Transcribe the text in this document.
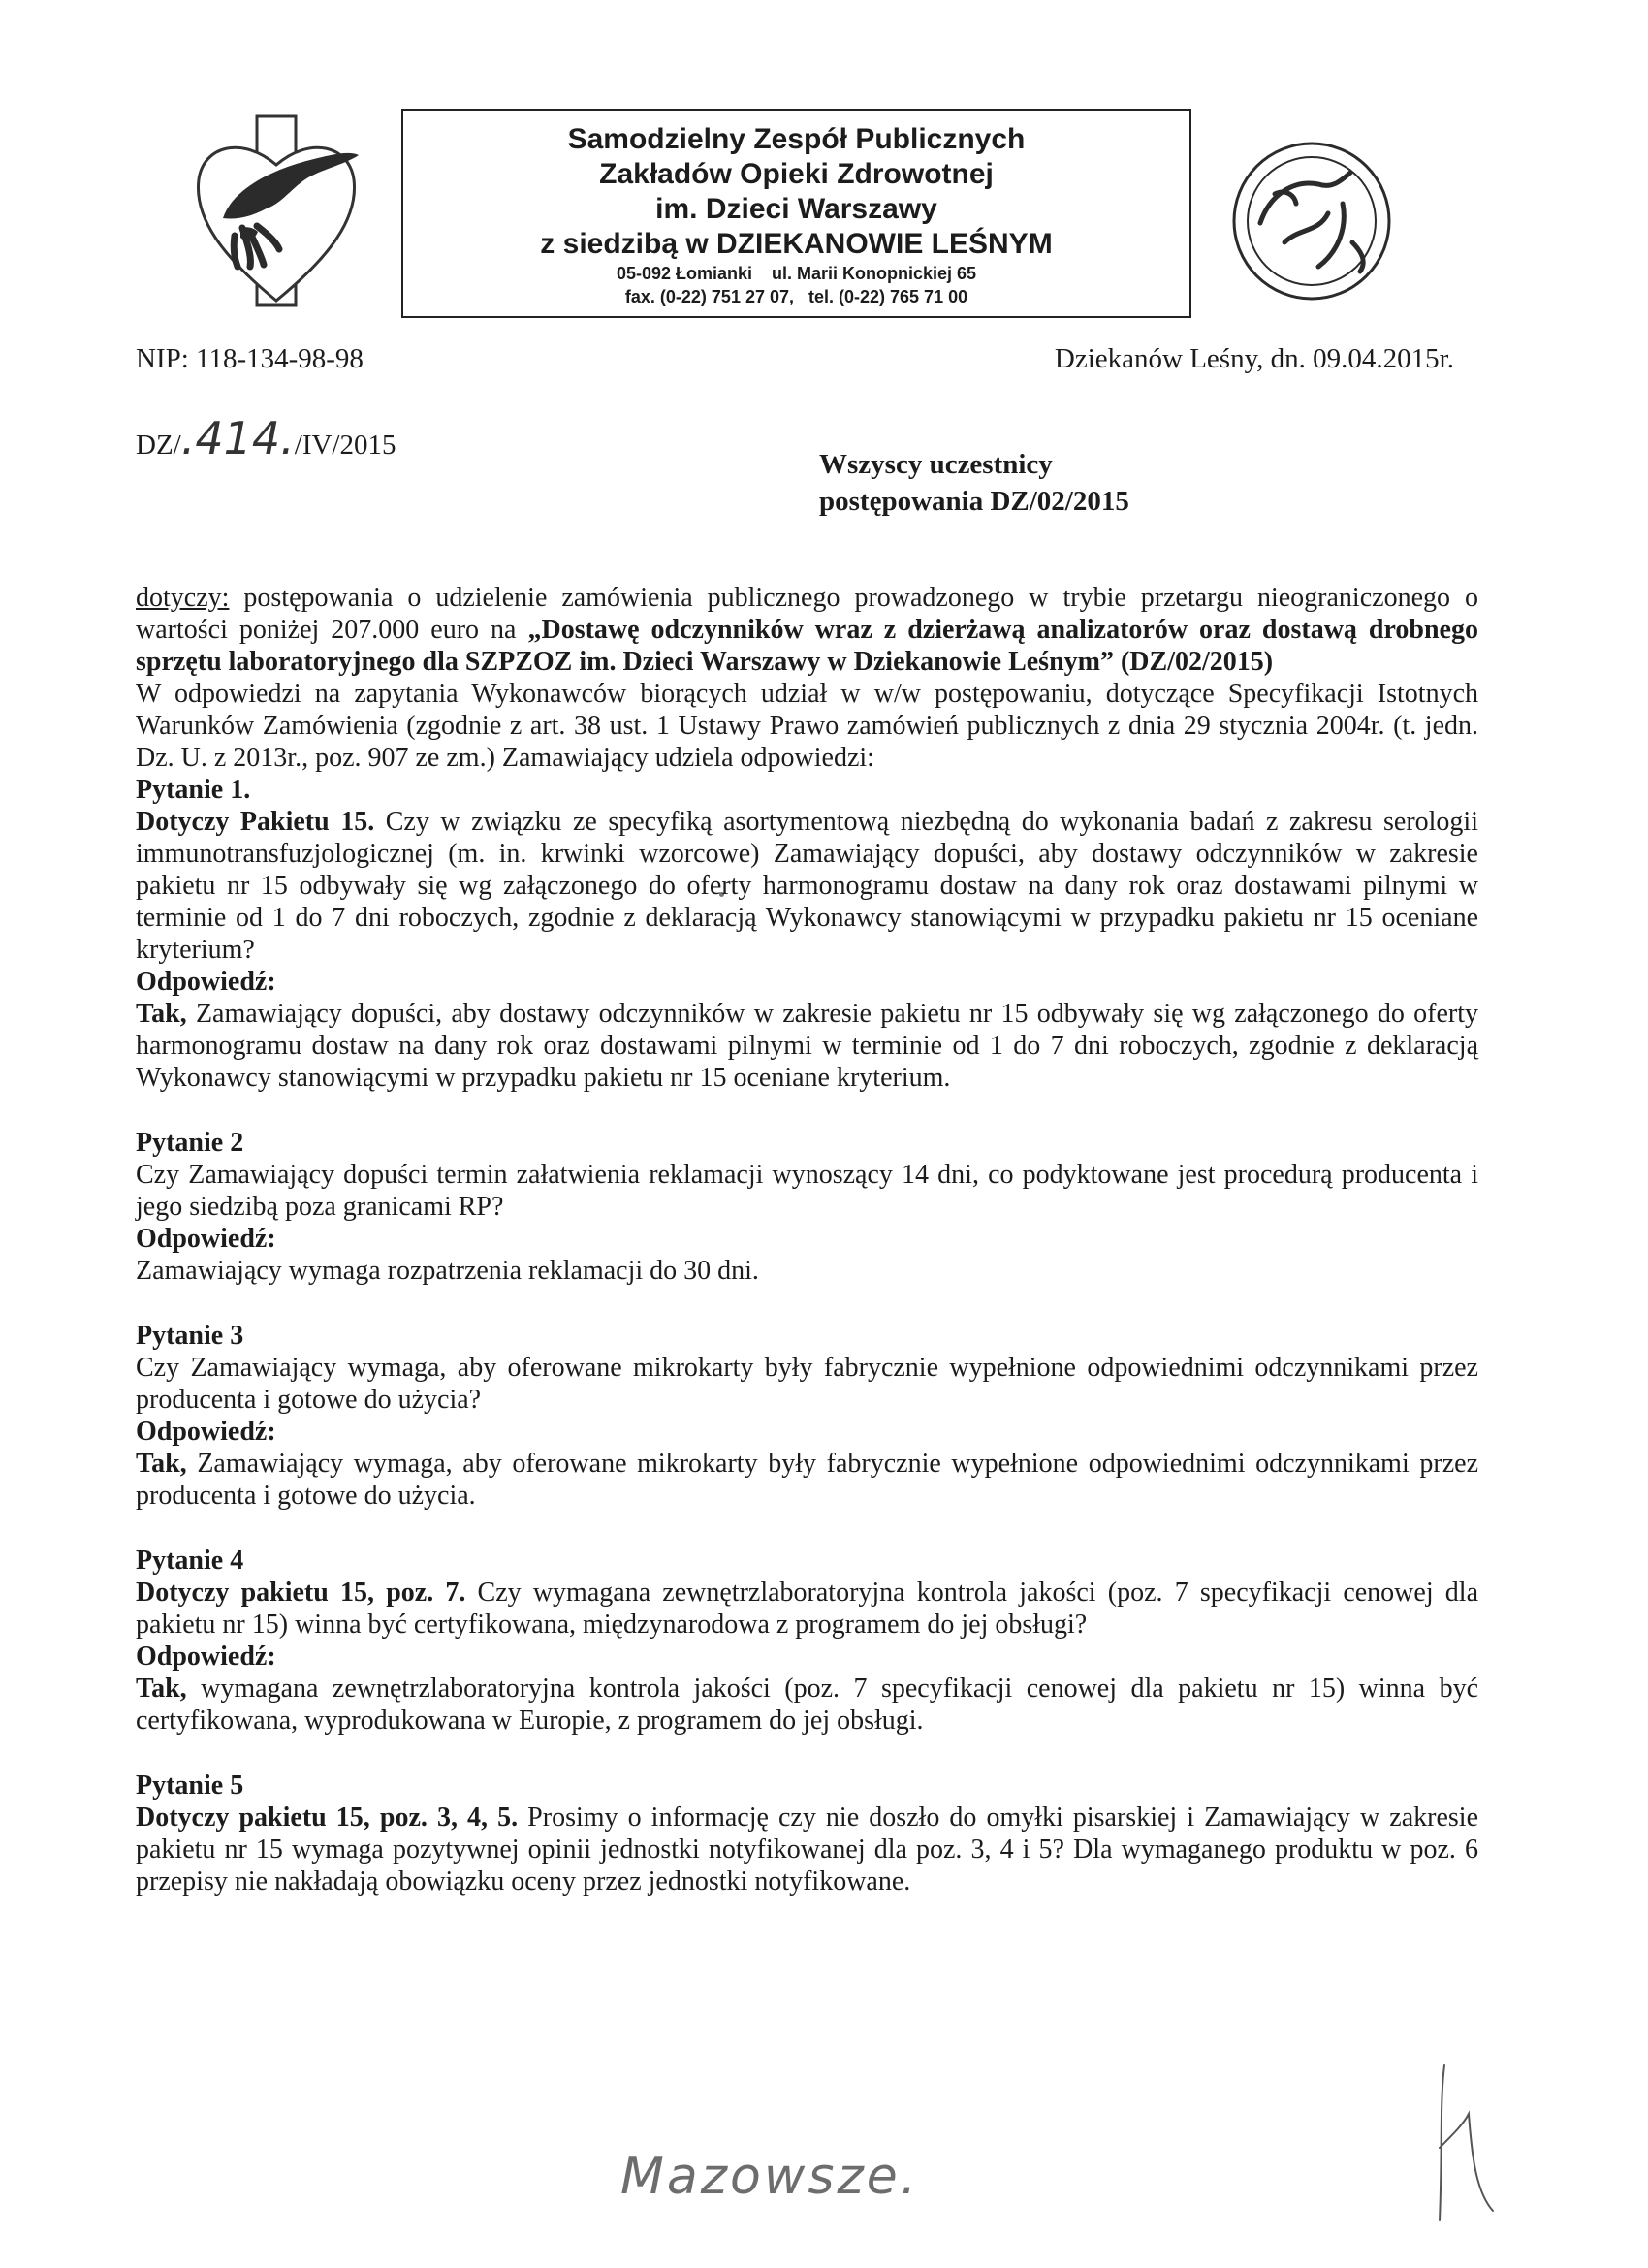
Samodzielny Zespół Publicznych
Zakładów Opieki Zdrowotnej
im. Dzieci Warszawy
z siedzibą w DZIEKANOWIE LEŚNYM
05-092 Łomianki    ul. Marii Konopnickiej 65
fax. (0-22) 751 27 07,   tel. (0-22) 765 71 00
NIP: 118-134-98-98	Dziekanów Leśny, dn. 09.04.2015r.
DZ/.414./IV/2015
Wszyscy uczestnicy
postępowania DZ/02/2015

dotyczy: postępowania o udzielenie zamówienia publicznego prowadzonego w trybie przetargu nieograniczonego o wartości poniżej 207.000 euro na „Dostawę odczynników wraz z dzierżawą analizatorów oraz dostawą drobnego sprzętu laboratoryjnego dla SZPZOZ im. Dzieci Warszawy w Dziekanowie Leśnym” (DZ/02/2015)

W odpowiedzi na zapytania Wykonawców biorących udział w w/w postępowaniu, dotyczące Specyfikacji Istotnych Warunków Zamówienia (zgodnie z art. 38 ust. 1 Ustawy Prawo zamówień publicznych z dnia 29 stycznia 2004r. (t. jedn. Dz. U. z 2013r., poz. 907 ze zm.) Zamawiający udziela odpowiedzi:

Pytanie 1.

Dotyczy Pakietu 15. Czy w związku ze specyfiką asortymentową niezbędną do wykonania badań z zakresu serologii immunotransfuzjologicznej (m. in. krwinki wzorcowe) Zamawiający dopuści, aby dostawy odczynników w zakresie pakietu nr 15 odbywały się wg załączonego do oferty harmonogramu dostaw na dany rok oraz dostawami pilnymi w terminie od 1 do 7 dni roboczych, zgodnie z deklaracją Wykonawcy stanowiącymi w przypadku pakietu nr 15 oceniane kryterium?

Odpowiedź:

Tak, Zamawiający dopuści, aby dostawy odczynników w zakresie pakietu nr 15 odbywały się wg załączonego do oferty harmonogramu dostaw na dany rok oraz dostawami pilnymi w terminie od 1 do 7 dni roboczych, zgodnie z deklaracją Wykonawcy stanowiącymi w przypadku pakietu nr 15 oceniane kryterium.

Pytanie 2

Czy Zamawiający dopuści termin załatwienia reklamacji wynoszący 14 dni, co podyktowane jest procedurą producenta i jego siedzibą poza granicami RP?

Odpowiedź:

Zamawiający wymaga rozpatrzenia reklamacji do 30 dni.

Pytanie 3

Czy Zamawiający wymaga, aby oferowane mikrokarty były fabrycznie wypełnione odpowiednimi odczynnikami przez producenta i gotowe do użycia?

Odpowiedź:

Tak, Zamawiający wymaga, aby oferowane mikrokarty były fabrycznie wypełnione odpowiednimi odczynnikami przez producenta i gotowe do użycia.

Pytanie 4

Dotyczy pakietu 15, poz. 7. Czy wymagana zewnętrzlaboratoryjna kontrola jakości (poz. 7 specyfikacji cenowej dla pakietu nr 15) winna być certyfikowana, międzynarodowa z programem do jej obsługi?

Odpowiedź:

Tak, wymagana zewnętrzlaboratoryjna kontrola jakości (poz. 7 specyfikacji cenowej dla pakietu nr 15) winna być certyfikowana, wyprodukowana w Europie, z programem do jej obsługi.

Pytanie 5

Dotyczy pakietu 15, poz. 3, 4, 5. Prosimy o informację czy nie doszło do omyłki pisarskiej i Zamawiający w zakresie pakietu nr 15 wymaga pozytywnej opinii jednostki notyfikowanej dla poz. 3, 4 i 5? Dla wymaganego produktu w poz. 6 przepisy nie nakładają obowiązku oceny przez jednostki notyfikowane.

Mazowsze.
